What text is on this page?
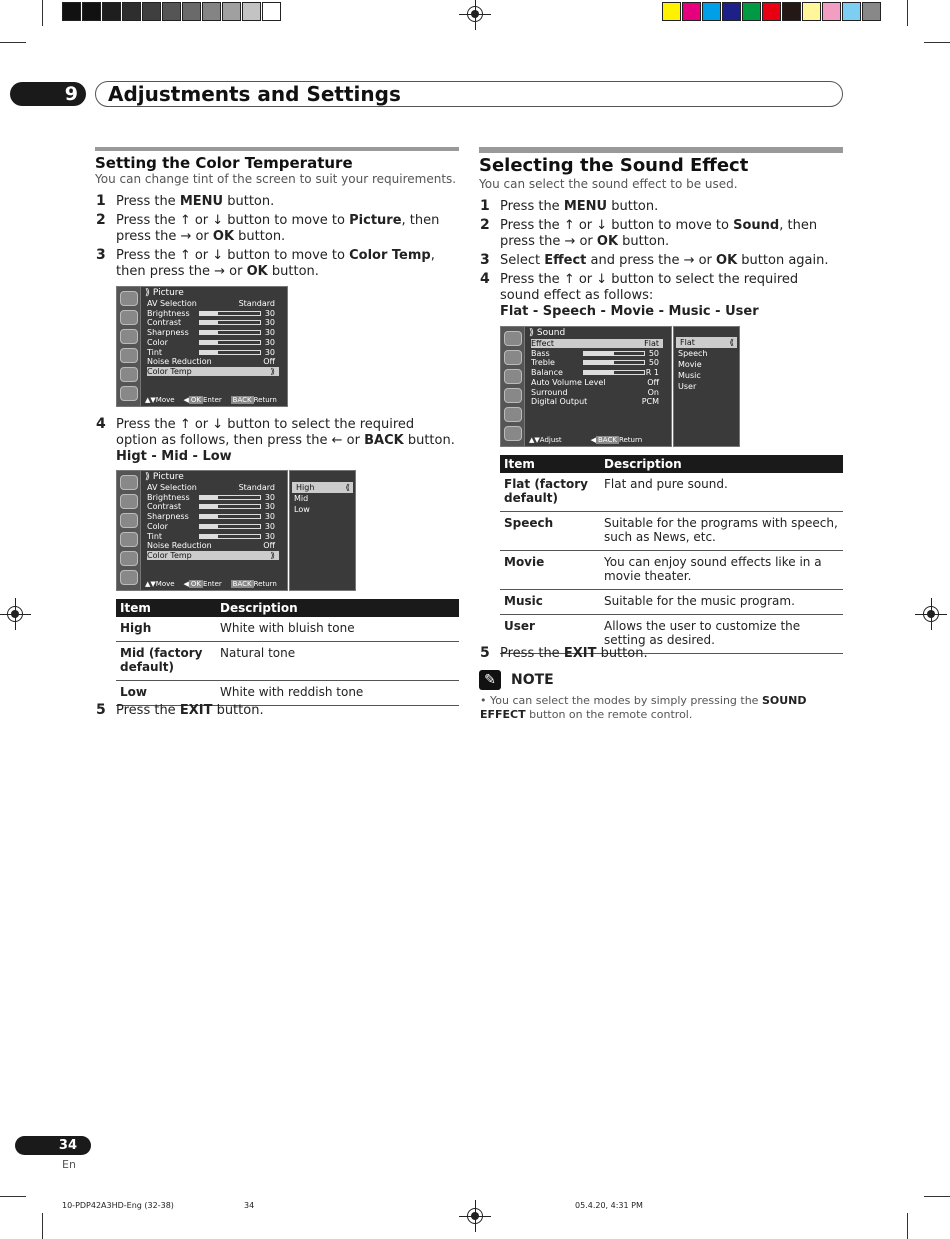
9	Adjustments and Settings
Setting the Color Temperature
You can change tint of the screen to suit your requirements.
1 Press the MENU button.
2 Press the ↑ or ↓ button to move to Picture, then press the → or OK button.
3 Press the ↑ or ↓ button to move to Color Temp, then press the → or OK button.
⟫ Picture
AV Selection	Standard
Brightness	30
Contrast	30
Sharpness	30
Color	30
Tint	30
Noise Reduction	Off
Color Temp	⟫
▲▼Move    ◀ OK Enter BACK Return
4 Press the ↑ or ↓ button to select the required option as follows, then press the ← or BACK button.
Higt - Mid - Low
⟫ Picture
AV Selection	Standard
Brightness	30
Contrast	30
Sharpness	30
Color	30
Tint	30
Noise Reduction	Off
Color Temp	⟫
▲▼Move    ◀ OK Enter BACK Return
High	⟪
Mid
Low
Item	Description
High	White with bluish tone
Mid (factory default)	Natural tone
Low	White with reddish tone
5 Press the EXIT button.
Selecting the Sound Effect
You can select the sound effect to be used.
1 Press the MENU button.
2 Press the ↑ or ↓ button to move to Sound, then press the → or OK button.
3 Select Effect and press the → or OK button again.
4 Press the ↑ or ↓ button to select the required sound effect as follows:
Flat - Speech - Movie - Music - User
⟫ Sound
Effect	Flat
Bass	50
Treble	50
Balance	R 1
Auto Volume Level	Off
Surround	On
Digital Output	PCM
▲▼Adjust             ◀ BACK Return
Flat	⟪
Speech
Movie
Music
User
Item	Description
Flat (factory default)	Flat and pure sound.
Speech	Suitable for the programs with speech, such as News, etc.
Movie	You can enjoy sound effects like in a movie theater.
Music	Suitable for the music program.
User	Allows the user to customize the setting as desired.
5 Press the EXIT button.
✎	NOTE
• You can select the modes by simply pressing the SOUND EFFECT button on the remote control.
34
En
10-PDP42A3HD-Eng (32-38)	34	05.4.20, 4:31 PM
